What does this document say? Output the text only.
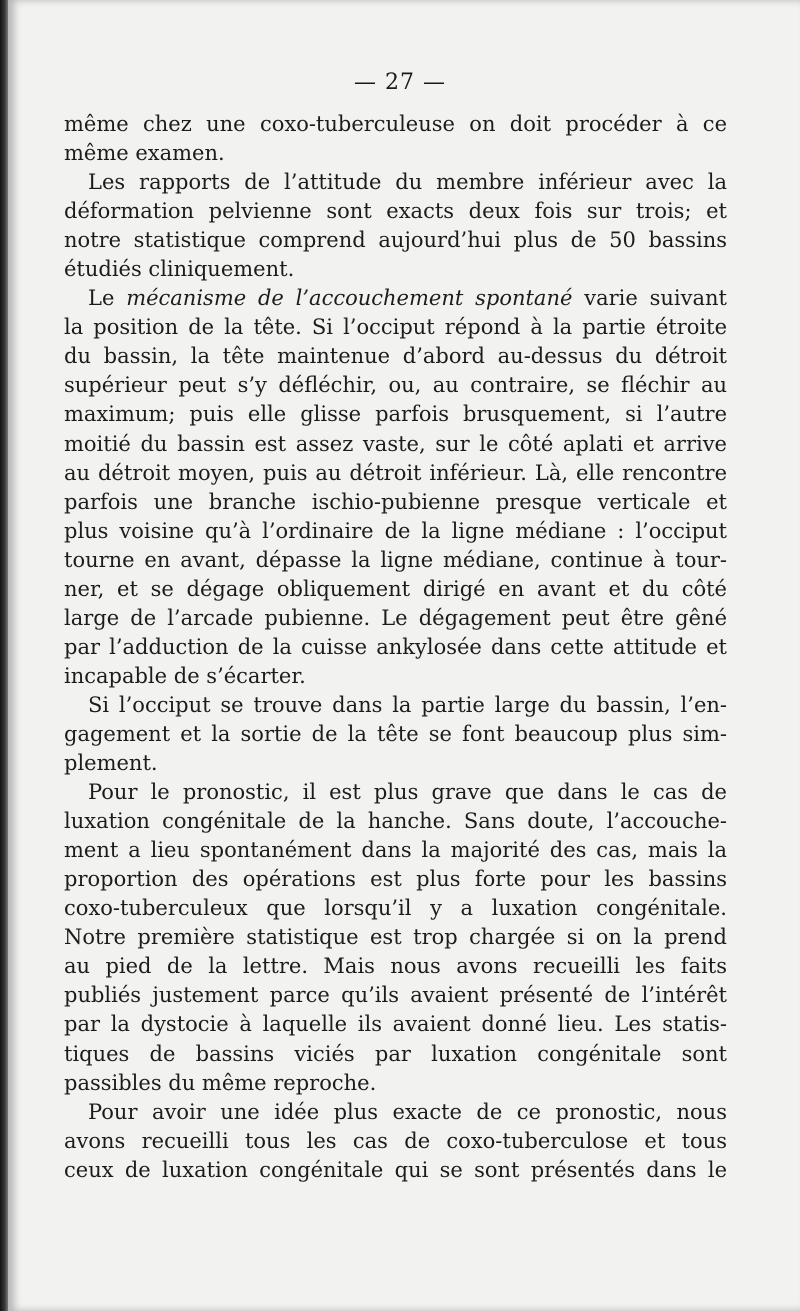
— 27 —
même chez une coxo-tuberculeuse on doit procéder à ce
même examen.
Les rapports de l’attitude du membre inférieur avec la
déformation pelvienne sont exacts deux fois sur trois; et
notre statistique comprend aujourd’hui plus de 50 bassins
étudiés cliniquement.
Le mécanisme de l’accouchement spontané varie suivant
la position de la tête. Si l’occiput répond à la partie étroite
du bassin, la tête maintenue d’abord au-dessus du détroit
supérieur peut s’y défléchir, ou, au contraire, se fléchir au
maximum; puis elle glisse parfois brusquement, si l’autre
moitié du bassin est assez vaste, sur le côté aplati et arrive
au détroit moyen, puis au détroit inférieur. Là, elle rencontre
parfois une branche ischio-pubienne presque verticale et
plus voisine qu’à l’ordinaire de la ligne médiane : l’occiput
tourne en avant, dépasse la ligne médiane, continue à tour-
ner, et se dégage obliquement dirigé en avant et du côté
large de l’arcade pubienne. Le dégagement peut être gêné
par l’adduction de la cuisse ankylosée dans cette attitude et
incapable de s’écarter.
Si l’occiput se trouve dans la partie large du bassin, l’en-
gagement et la sortie de la tête se font beaucoup plus sim-
plement.
Pour le pronostic, il est plus grave que dans le cas de
luxation congénitale de la hanche. Sans doute, l’accouche-
ment a lieu spontanément dans la majorité des cas, mais la
proportion des opérations est plus forte pour les bassins
coxo-tuberculeux que lorsqu’il y a luxation congénitale.
Notre première statistique est trop chargée si on la prend
au pied de la lettre. Mais nous avons recueilli les faits
publiés justement parce qu’ils avaient présenté de l’intérêt
par la dystocie à laquelle ils avaient donné lieu. Les statis-
tiques de bassins viciés par luxation congénitale sont
passibles du même reproche.
Pour avoir une idée plus exacte de ce pronostic, nous
avons recueilli tous les cas de coxo-tuberculose et tous
ceux de luxation congénitale qui se sont présentés dans le
